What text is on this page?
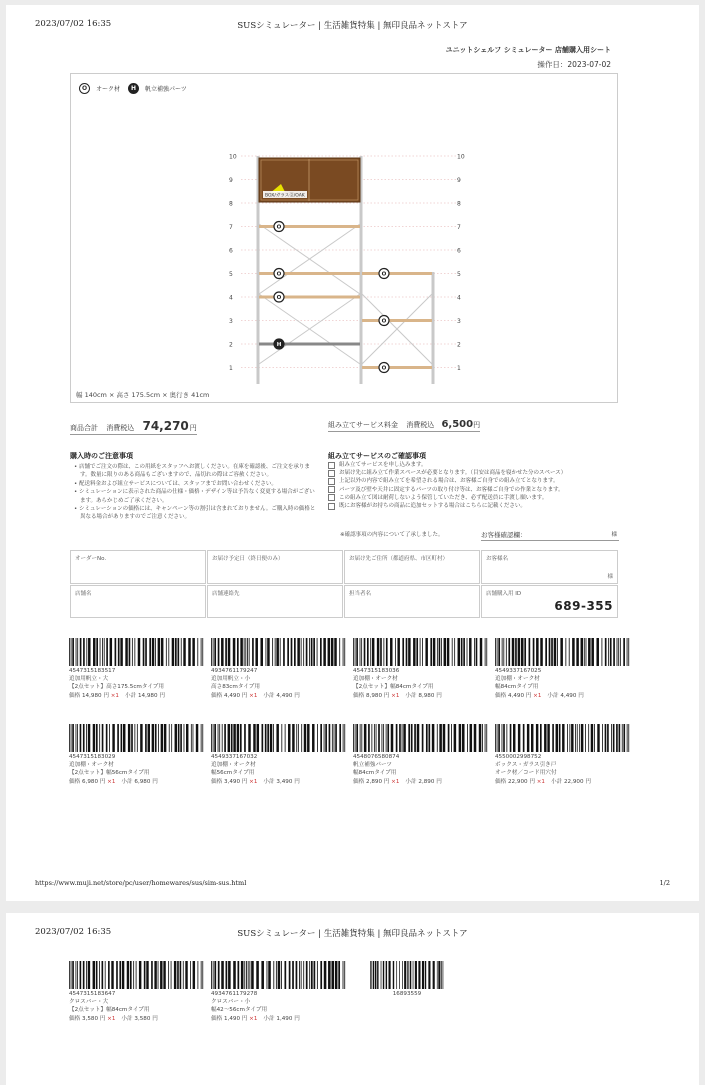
2023/07/02 16:35	SUSシミュレーター | 生活雑貨特集 | 無印良品ネットストア
ユニットシェルフ シミュレーター 店舗購入用シート
操作日：2023-07-02
O	オーク材	H	帆立補強パーツ
10	10
9	9
8	8
7	7
6	6
5	5
4	4
3	3
2	2
1	1
BOX/ガラス引/OAK
O
O
O
O
O
O
H
幅 140cm × 高さ 175.5cm × 奥行き 41cm
商品合計 消費税込 74,270円	組み立てサービス料金 消費税込 6,500円
購入時のご注意事項
• 店舗でご注文の際は、この用紙をスタッフへお渡しください。在庫を確認後、ご注文を承ります。数量に限りのある商品もございますので、品切れの際はご容赦ください。
• 配送料金および組立サービスについては、スタッフまでお問い合わせください。
• シミュレーションに表示された商品の仕様・価格・デザイン等は予告なく変更する場合がございます。あらかじめご了承ください。
• シミュレーションの価格には、キャンペーン等の割引は含まれておりません。ご購入時の価格と異なる場合がありますのでご注意ください。
組み立てサービスのご確認事項
組み立てサービスを申し込みます。
お届け先に組み立て作業スペースが必要となります。（目安は商品を寝かせた分のスペース）
上記以外の内容で組み立てを希望される場合は、お客様ご自身での組み立てとなります。
パーツ及び壁や天井に固定するパーツの取り付け等は、お客様ご自身での作業となります。
この組み立て図は耐荷しないよう保管していただき、必ず配送員に手渡し願います。
既にお客様がお持ちの商品に追加セットする場合はこちらに記載ください。
※確認事項の内容について了承しました。	お客様確認欄：	様
オーダーNo.	お届け予定日（終日便のみ）	お届け先ご住所（都道府県、市区町村）	お客様名
様
店舗名	店舗連絡先	担当者名	店舗購入用 ID
689-355
4547315183517
追加用帆立・大
【2点セット】高さ175.5cmタイプ用
価格 14,980 円 ×1 小計 14,980 円
4934761179247
追加用帆立・小
高さ83cmタイプ用
価格 4,490 円 ×1 小計 4,490 円
4547315183036
追加棚・オーク材
【2点セット】幅84cmタイプ用
価格 8,980 円 ×1 小計 8,980 円
4549337167025
追加棚・オーク材
幅84cmタイプ用
価格 4,490 円 ×1 小計 4,490 円
4547315183029
追加棚・オーク材
【2点セット】幅56cmタイプ用
価格 6,980 円 ×1 小計 6,980 円
4549337167032
追加棚・オーク材
幅56cmタイプ用
価格 3,490 円 ×1 小計 3,490 円
4548076580874
帆立補強パーツ
幅84cmタイプ用
価格 2,890 円 ×1 小計 2,890 円
4550002998752
ボックス・ガラス引き戸
オーク材／コード用穴付
価格 22,900 円 ×1 小計 22,900 円
https://www.muji.net/store/pc/user/homewares/sus/sim-sus.html	1/2
2023/07/02 16:35	SUSシミュレーター | 生活雑貨特集 | 無印良品ネットストア
4547315183647
クロスバー・大
【2点セット】幅84cmタイプ用
価格 3,580 円 ×1 小計 3,580 円
4934761179278
クロスバー・小
幅42〜56cmタイプ用
価格 1,490 円 ×1 小計 1,490 円
16893559
